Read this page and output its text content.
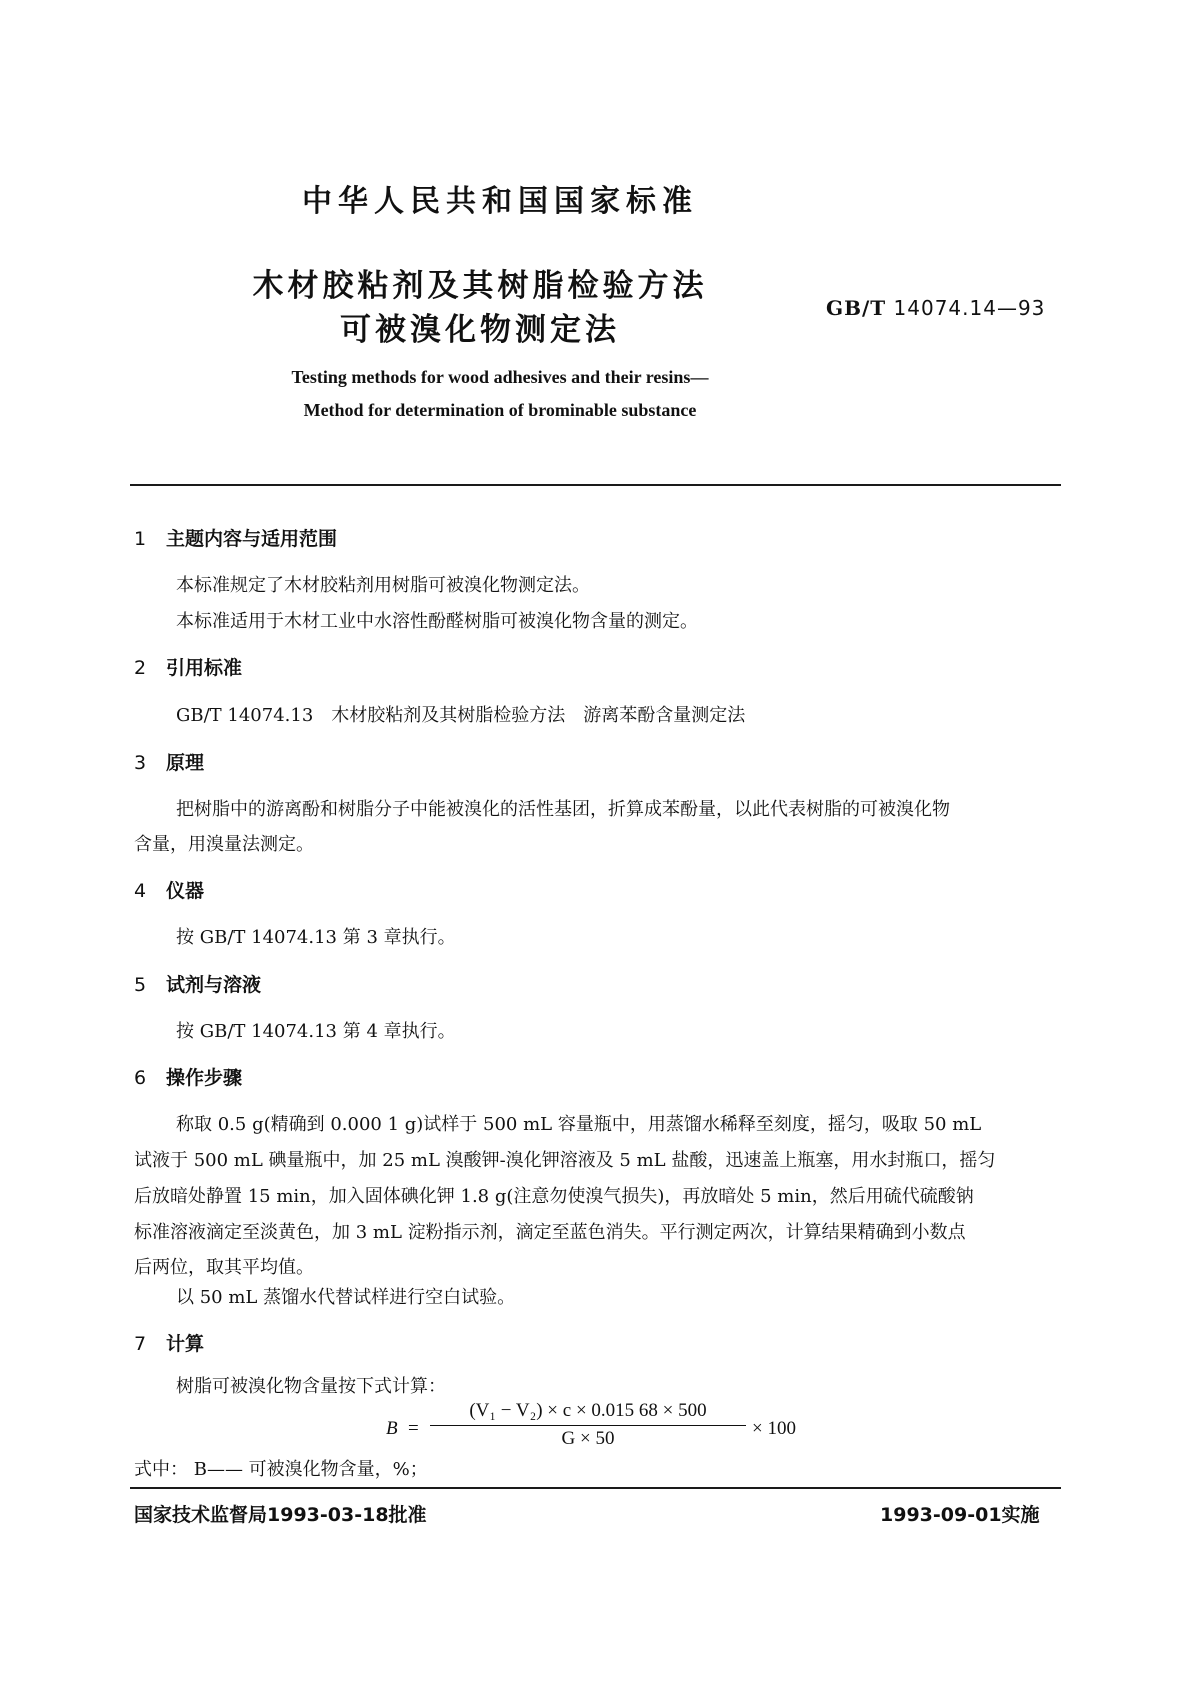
中华人民共和国国家标准
木材胶粘剂及其树脂检验方法
可被溴化物测定法
GB/T 14074.14—93
Testing methods for wood adhesives and their resins—
Method for determination of brominable substance
1 主题内容与适用范围
本标准规定了木材胶粘剂用树脂可被溴化物测定法。
本标准适用于木材工业中水溶性酚醛树脂可被溴化物含量的测定。
2 引用标准
GB/T 14074.13　木材胶粘剂及其树脂检验方法　游离苯酚含量测定法
3 原理
把树脂中的游离酚和树脂分子中能被溴化的活性基团，折算成苯酚量，以此代表树脂的可被溴化物
含量，用溴量法测定。
4 仪器
按 GB/T 14074.13 第 3 章执行。
5 试剂与溶液
按 GB/T 14074.13 第 4 章执行。
6 操作步骤
称取 0.5 g(精确到 0.000 1 g)试样于 500 mL 容量瓶中，用蒸馏水稀释至刻度，摇匀，吸取 50 mL
试液于 500 mL 碘量瓶中，加 25 mL 溴酸钾-溴化钾溶液及 5 mL 盐酸，迅速盖上瓶塞，用水封瓶口，摇匀
后放暗处静置 15 min，加入固体碘化钾 1.8 g(注意勿使溴气损失)，再放暗处 5 min，然后用硫代硫酸钠
标准溶液滴定至淡黄色，加 3 mL 淀粉指示剂，滴定至蓝色消失。平行测定两次，计算结果精确到小数点
后两位，取其平均值。
以 50 mL 蒸馏水代替试样进行空白试验。
7 计算
树脂可被溴化物含量按下式计算：
$B = \frac{\text{(V₁ − V₂) × c × 0.015 68 × 500}}{G \times 50} \times 100$
式中： B—— 可被溴化物含量，%；
国家技术监督局1993-03-18批准	1993-09-01实施
